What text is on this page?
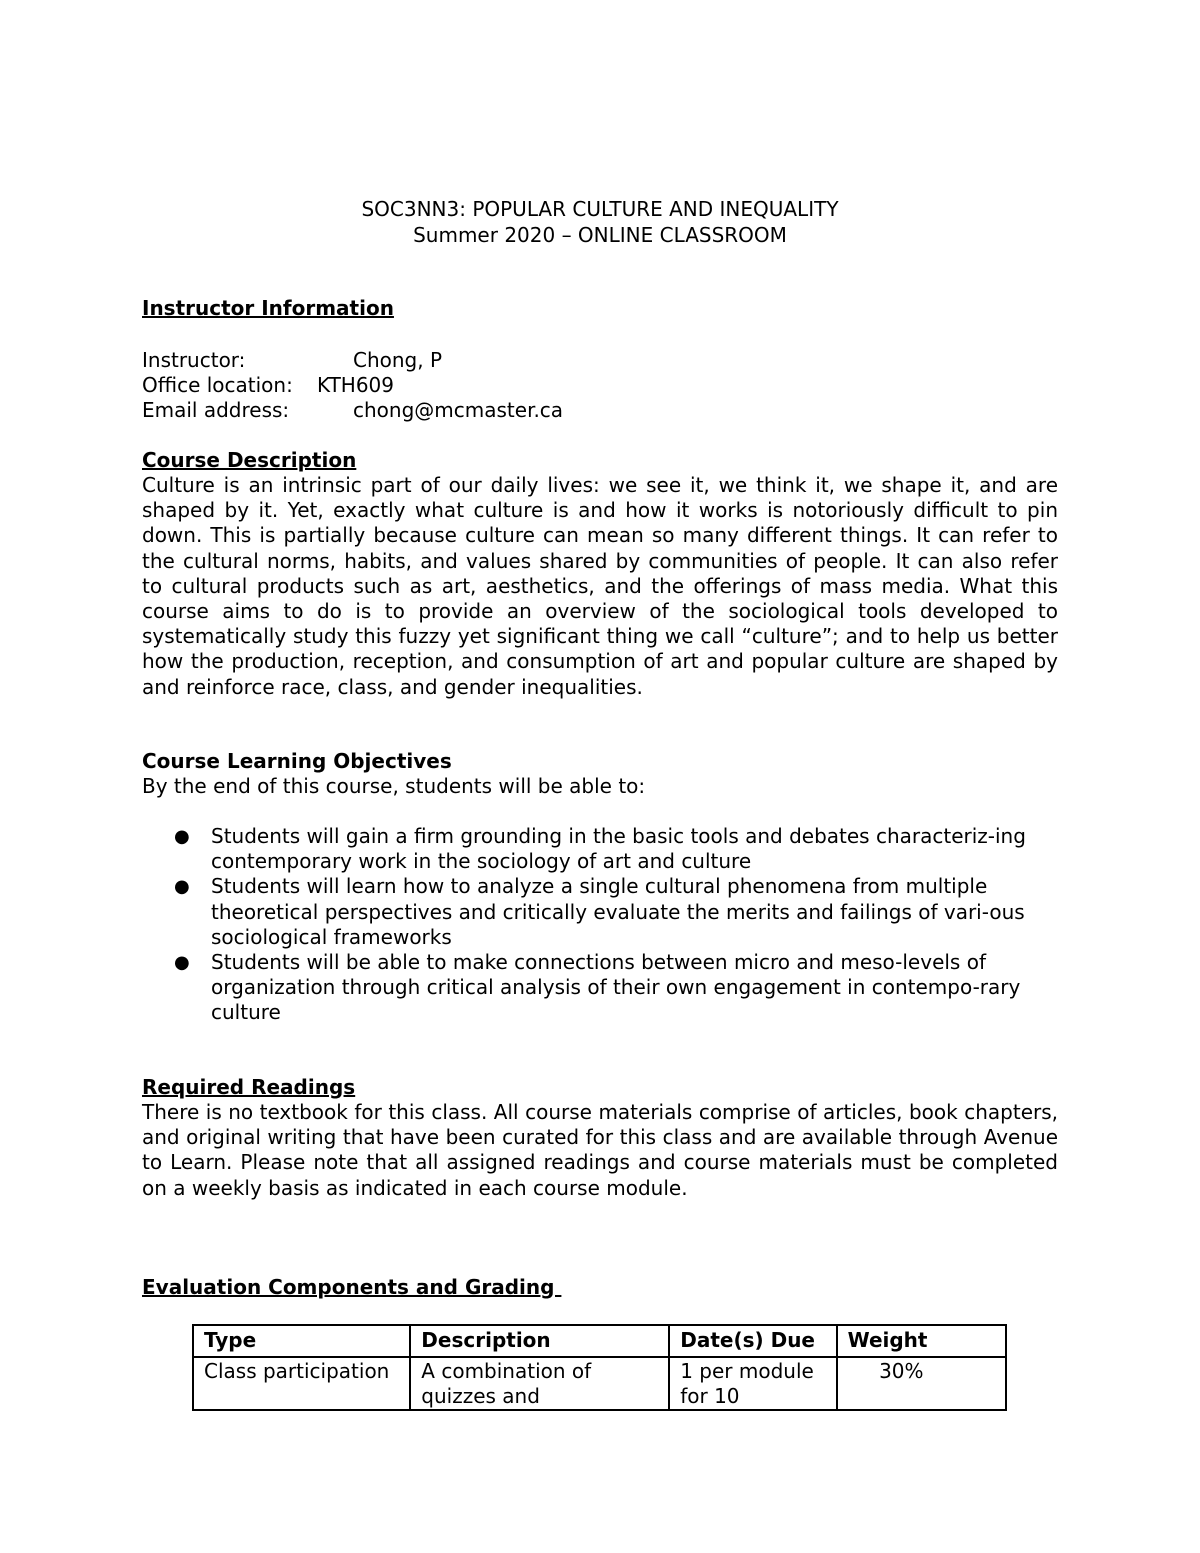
SOC3NN3: POPULAR CULTURE AND INEQUALITY
Summer 2020 – ONLINE CLASSROOM
Instructor Information
Instructor:	Chong, P
Office location: KTH609
Email address:	chong@mcmaster.ca
Course Description
Culture is an intrinsic part of our daily lives: we see it, we think it, we shape it, and are shaped by it. Yet, exactly what culture is and how it works is notoriously difficult to pin down. This is partially because culture can mean so many different things. It can refer to the cultural norms, habits, and values shared by communities of people. It can also refer to cultural products such as art, aesthetics, and the offerings of mass media. What this course aims to do is to provide an overview of the sociological tools developed to systematically study this fuzzy yet significant thing we call “culture”; and to help us better how the production, reception, and consumption of art and popular culture are shaped by and reinforce race, class, and gender inequalities.
Course Learning Objectives
By the end of this course, students will be able to:
● Students will gain a firm grounding in the basic tools and debates characteriz-ing contemporary work in the sociology of art and culture
● Students will learn how to analyze a single cultural phenomena from multiple theoretical perspectives and critically evaluate the merits and failings of vari-ous sociological frameworks
● Students will be able to make connections between micro and meso-levels of organization through critical analysis of their own engagement in contempo-rary culture
Required Readings
There is no textbook for this class. All course materials comprise of articles, book chapters, and original writing that have been curated for this class and are available through Avenue to Learn. Please note that all assigned readings and course materials must be completed on a weekly basis as indicated in each course module.
Evaluation Components and Grading
Type	Description	Date(s) Due	Weight
Class participation	A combination of quizzes and	1 per module for 10	30%
